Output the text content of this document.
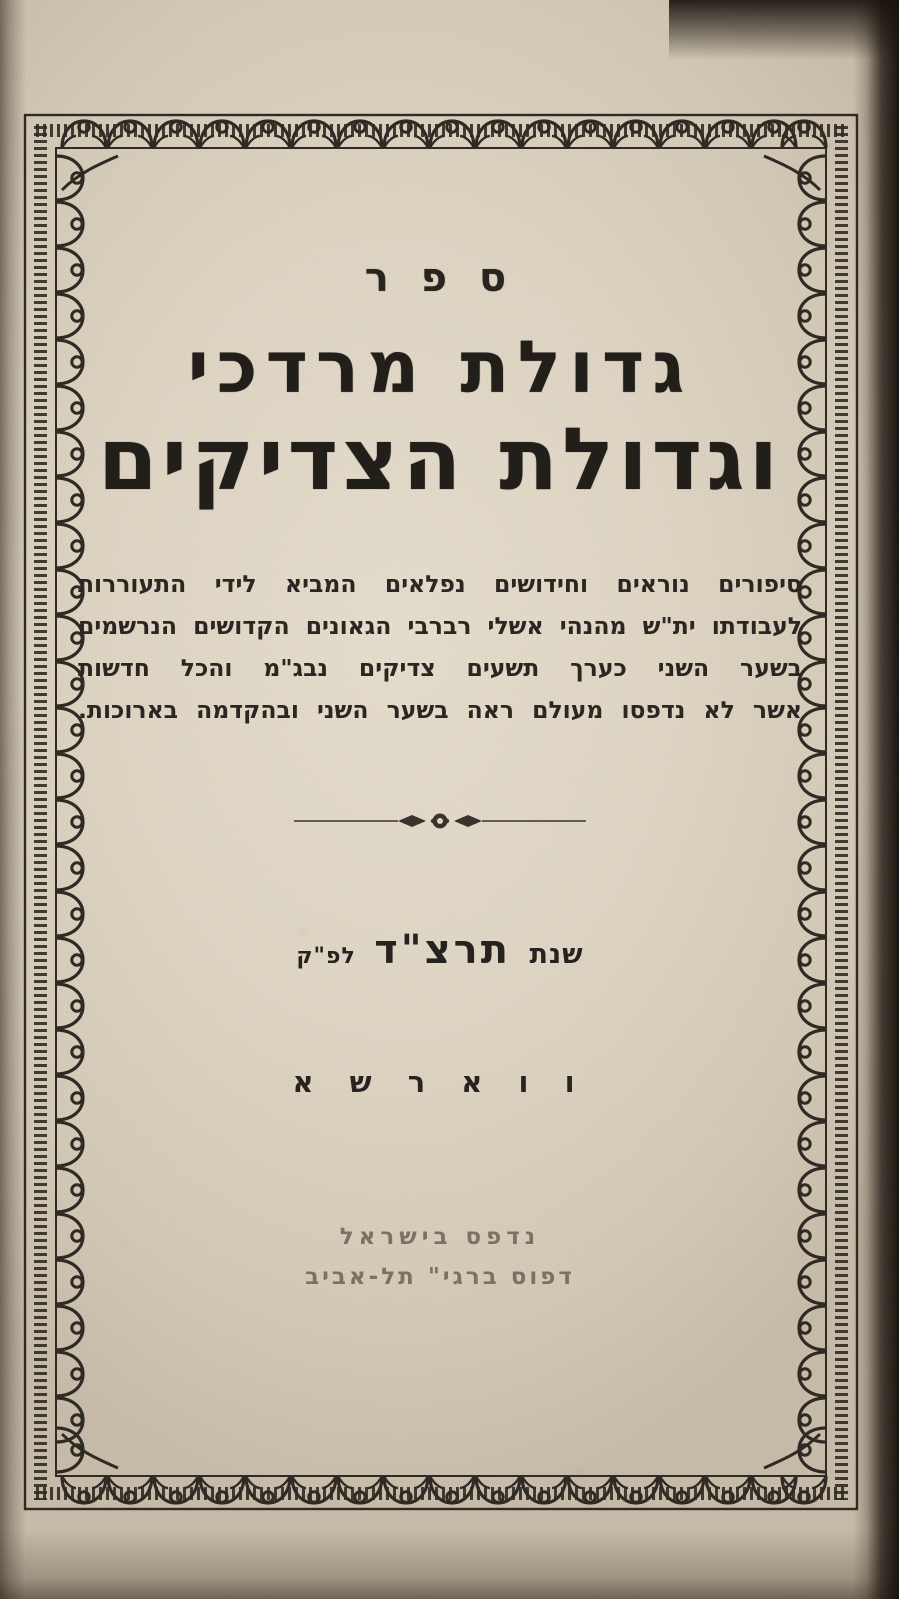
ס פ ר
גדולת מרדכי
וגדולת הצדיקים

סיפורים נוראים וחידושים נפלאים המביא לידי התעוררות

לעבודתו ית"ש מהנהי אשלי רברבי הגאונים הקדושים הנרשמים

בשער השני כערך תשעים צדיקים נבג"מ והכל חדשות

אשר לא נדפסו מעולם ראה בשער השני ובהקדמה בארוכות.

שנת תרצ"ד לפ"ק
ו ו א ר ש א
נדפס בישראל
דפוס ברגי" תל-אביב
